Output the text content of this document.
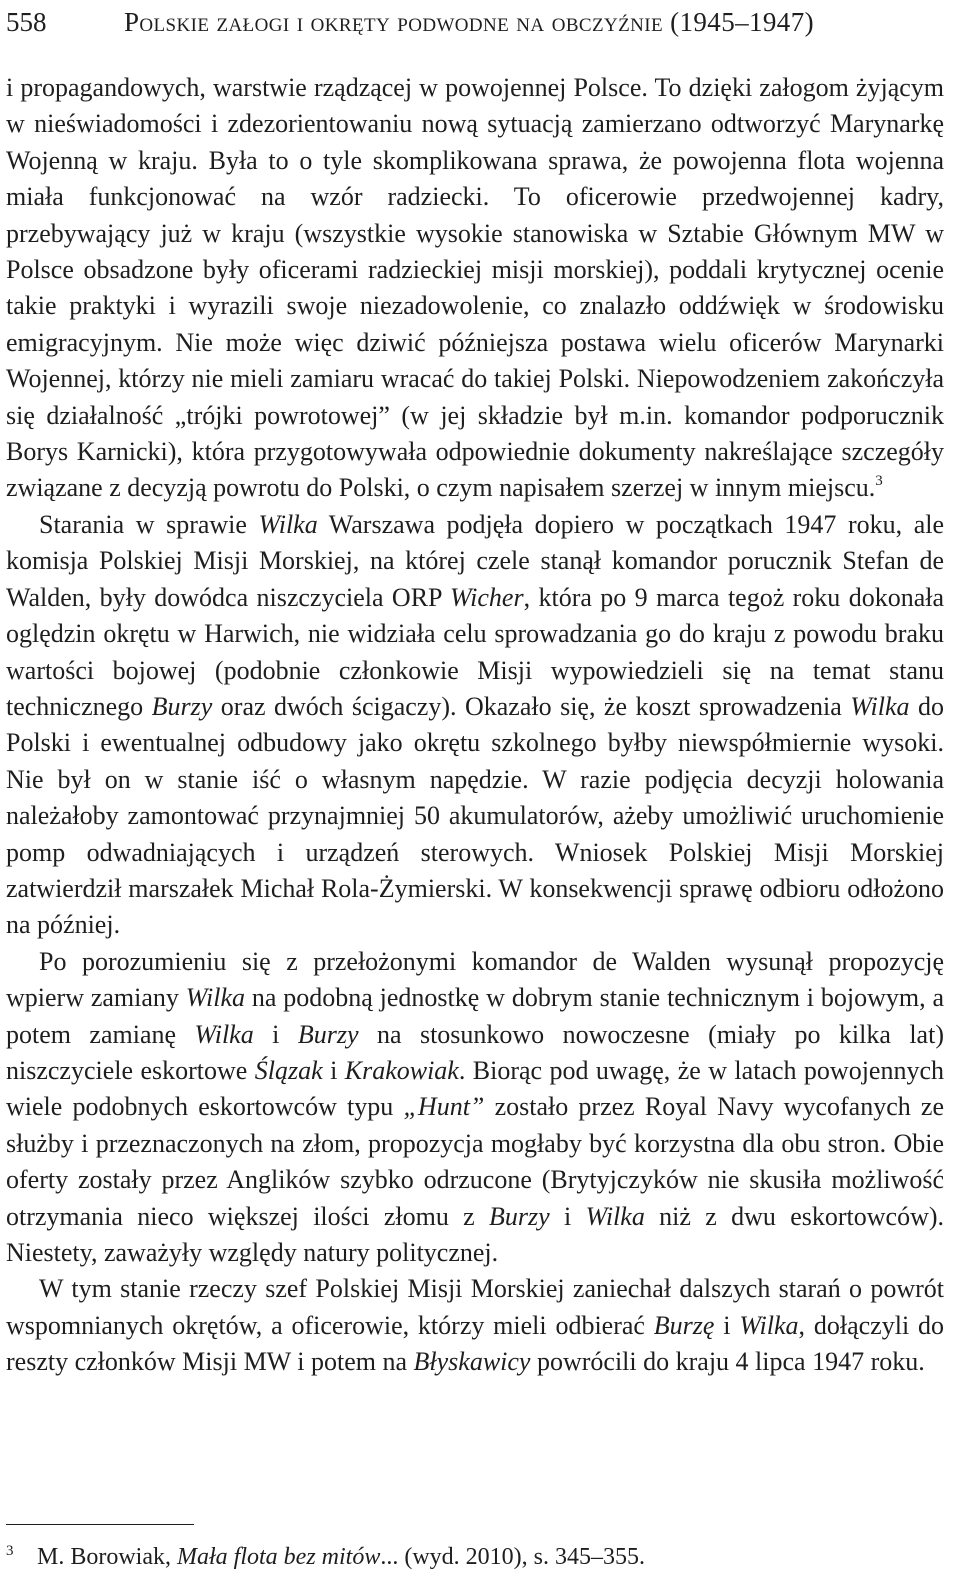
558	Polskie załogi i okręty podwodne na obczyźnie (1945–1947)

i propagandowych, warstwie rządzącej w powojennej Polsce. To dzięki załogom żyjącym w nieświadomości i zdezorientowaniu nową sytuacją zamierzano odtworzyć Marynarkę Wojenną w kraju. Była to o tyle skomplikowana sprawa, że powojenna flota wojenna miała funkcjonować na wzór radziecki. To oficerowie przedwojennej kadry, przebywający już w kraju (wszystkie wysokie stanowiska w Sztabie Głównym MW w Polsce obsadzone były oficerami radzieckiej misji morskiej), poddali krytycznej ocenie takie praktyki i wyrazili swoje niezadowolenie, co znalazło oddźwięk w środowisku emigracyjnym. Nie może więc dziwić późniejsza postawa wielu oficerów Marynarki Wojennej, którzy nie mieli zamiaru wracać do takiej Polski. Niepowodzeniem zakończyła się działalność „trójki powrotowej” (w jej składzie był m.in. komandor podporucznik Borys Karnicki), która przygotowywała odpowiednie dokumenty nakreślające szczegóły związane z decyzją powrotu do Polski, o czym napisałem szerzej w innym miejscu.$^3$

Starania w sprawie Wilka Warszawa podjęła dopiero w początkach 1947 roku, ale komisja Polskiej Misji Morskiej, na której czele stanął komandor porucznik Stefan de Walden, były dowódca niszczyciela ORP Wicher, która po 9 marca tegoż roku dokonała oględzin okrętu w Harwich, nie widziała celu sprowadzania go do kraju z powodu braku wartości bojowej (podobnie członkowie Misji wypowiedzieli się na temat stanu technicznego Burzy oraz dwóch ścigaczy). Okazało się, że koszt sprowadzenia Wilka do Polski i ewentualnej odbudowy jako okrętu szkolnego byłby niewspółmiernie wysoki. Nie był on w stanie iść o własnym napędzie. W razie podjęcia decyzji holowania należałoby zamontować przynajmniej 50 akumulatorów, ażeby umożliwić uruchomienie pomp odwadniających i urządzeń sterowych. Wniosek Polskiej Misji Morskiej zatwierdził marszałek Michał Rola-Żymierski. W konsekwencji sprawę odbioru odłożono na później.

Po porozumieniu się z przełożonymi komandor de Walden wysunął propozycję wpierw zamiany Wilka na podobną jednostkę w dobrym stanie technicznym i bojowym, a potem zamianę Wilka i Burzy na stosunkowo nowoczesne (miały po kilka lat) niszczyciele eskortowe Ślązak i Krakowiak. Biorąc pod uwagę, że w latach powojennych wiele podobnych eskortowców typu „Hunt” zostało przez Royal Navy wycofanych ze służby i przeznaczonych na złom, propozycja mogłaby być korzystna dla obu stron. Obie oferty zostały przez Anglików szybko odrzucone (Brytyjczyków nie skusiła możliwość otrzymania nieco większej ilości złomu z Burzy i Wilka niż z dwu eskortowców). Niestety, zaważyły względy natury politycznej.

W tym stanie rzeczy szef Polskiej Misji Morskiej zaniechał dalszych starań o powrót wspomnianych okrętów, a oficerowie, którzy mieli odbierać Burzę i Wilka, dołączyli do reszty członków Misji MW i potem na Błyskawicy powrócili do kraju 4 lipca 1947 roku.

3 M. Borowiak, Mała flota bez mitów... (wyd. 2010), s. 345–355.
